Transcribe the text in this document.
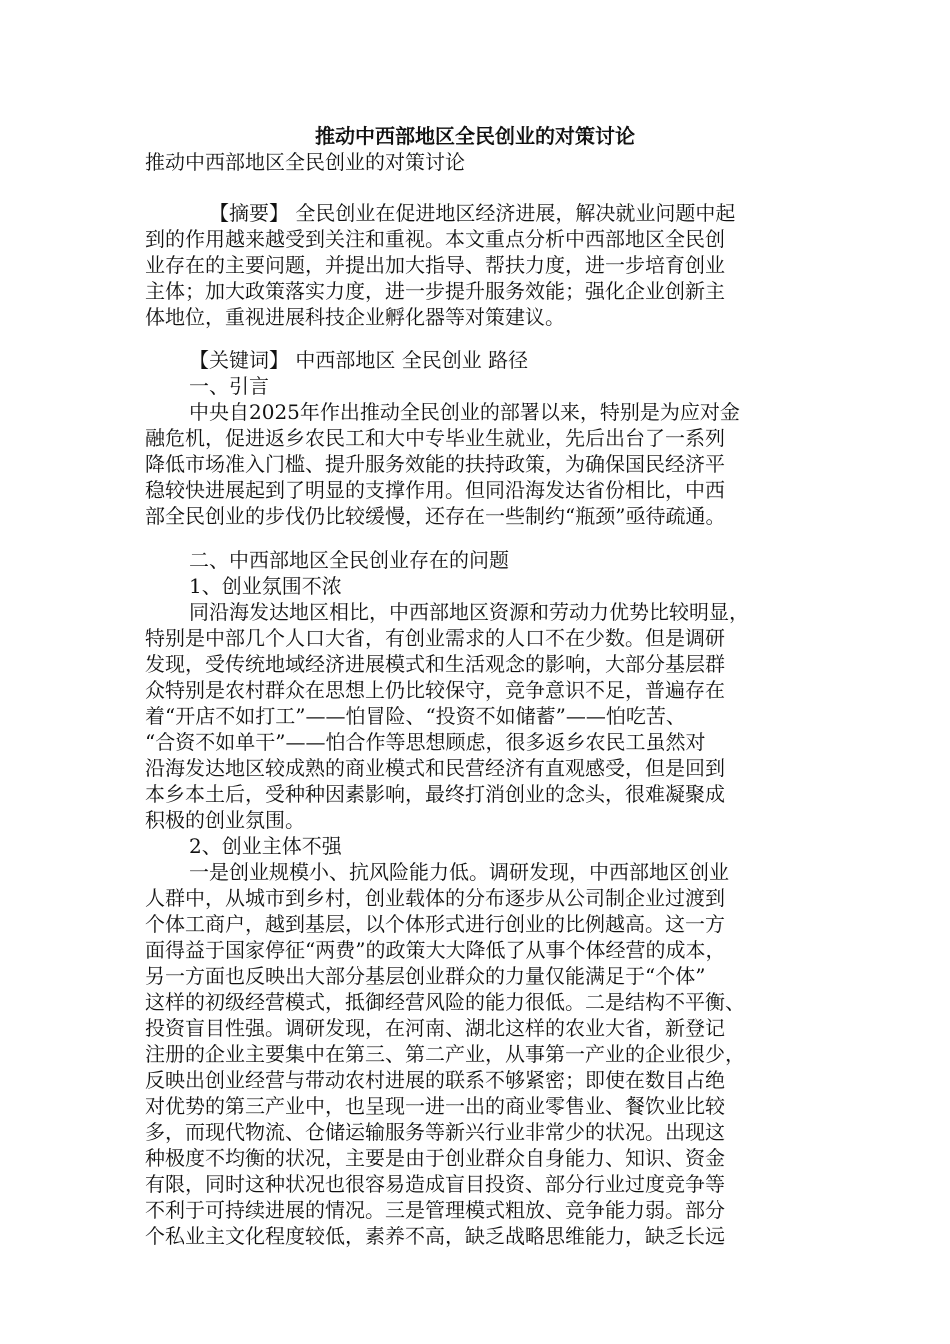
推动中西部地区全民创业的对策讨论
推动中西部地区全民创业的对策讨论
【摘要】 全民创业在促进地区经济进展，解决就业问题中起
到的作用越来越受到关注和重视。本文重点分析中西部地区全民创
业存在的主要问题，并提出加大指导、帮扶力度，进一步培育创业
主体；加大政策落实力度，进一步提升服务效能；强化企业创新主
体地位，重视进展科技企业孵化器等对策建议。
【关键词】 中西部地区 全民创业 路径
一、引言
中央自2025年作出推动全民创业的部署以来，特别是为应对金
融危机，促进返乡农民工和大中专毕业生就业，先后出台了一系列
降低市场准入门槛、提升服务效能的扶持政策，为确保国民经济平
稳较快进展起到了明显的支撑作用。但同沿海发达省份相比，中西
部全民创业的步伐仍比较缓慢，还存在一些制约“瓶颈”亟待疏通。
二、中西部地区全民创业存在的问题
1、创业氛围不浓
同沿海发达地区相比，中西部地区资源和劳动力优势比较明显，
特别是中部几个人口大省，有创业需求的人口不在少数。但是调研
发现，受传统地域经济进展模式和生活观念的影响，大部分基层群
众特别是农村群众在思想上仍比较保守，竞争意识不足，普遍存在
着“开店不如打工”——怕冒险、“投资不如储蓄”——怕吃苦、
“合资不如单干”——怕合作等思想顾虑，很多返乡农民工虽然对
沿海发达地区较成熟的商业模式和民营经济有直观感受，但是回到
本乡本土后，受种种因素影响，最终打消创业的念头，很难凝聚成
积极的创业氛围。
2、创业主体不强
一是创业规模小、抗风险能力低。调研发现，中西部地区创业
人群中，从城市到乡村，创业载体的分布逐步从公司制企业过渡到
个体工商户，越到基层，以个体形式进行创业的比例越高。这一方
面得益于国家停征“两费”的政策大大降低了从事个体经营的成本，
另一方面也反映出大部分基层创业群众的力量仅能满足于“个体”
这样的初级经营模式，抵御经营风险的能力很低。二是结构不平衡、
投资盲目性强。调研发现，在河南、湖北这样的农业大省，新登记
注册的企业主要集中在第三、第二产业，从事第一产业的企业很少，
反映出创业经营与带动农村进展的联系不够紧密；即使在数目占绝
对优势的第三产业中，也呈现一进一出的商业零售业、餐饮业比较
多，而现代物流、仓储运输服务等新兴行业非常少的状况。出现这
种极度不均衡的状况，主要是由于创业群众自身能力、知识、资金
有限，同时这种状况也很容易造成盲目投资、部分行业过度竞争等
不利于可持续进展的情况。三是管理模式粗放、竞争能力弱。部分
个私业主文化程度较低，素养不高，缺乏战略思维能力，缺乏长远
